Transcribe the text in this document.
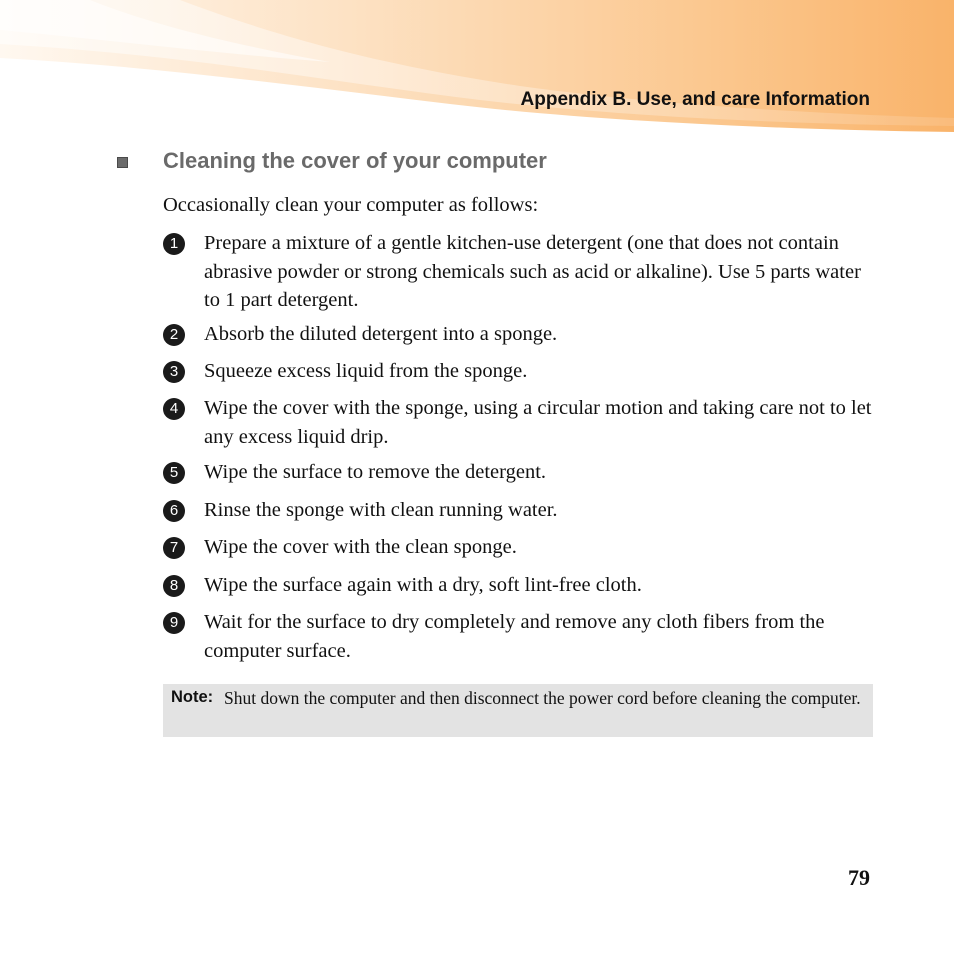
Appendix B. Use, and care Information
Cleaning the cover of your computer
Occasionally clean your computer as follows:
1	Prepare a mixture of a gentle kitchen-use detergent (one that does not contain abrasive powder or strong chemicals such as acid or alkaline). Use 5 parts water to 1 part detergent.
2	Absorb the diluted detergent into a sponge.
3	Squeeze excess liquid from the sponge.
4	Wipe the cover with the sponge, using a circular motion and taking care not to let any excess liquid drip.
5	Wipe the surface to remove the detergent.
6	Rinse the sponge with clean running water.
7	Wipe the cover with the clean sponge.
8	Wipe the surface again with a dry, soft lint-free cloth.
9	Wait for the surface to dry completely and remove any cloth fibers from the computer surface.
Note: Shut down the computer and then disconnect the power cord before cleaning the computer.
79
